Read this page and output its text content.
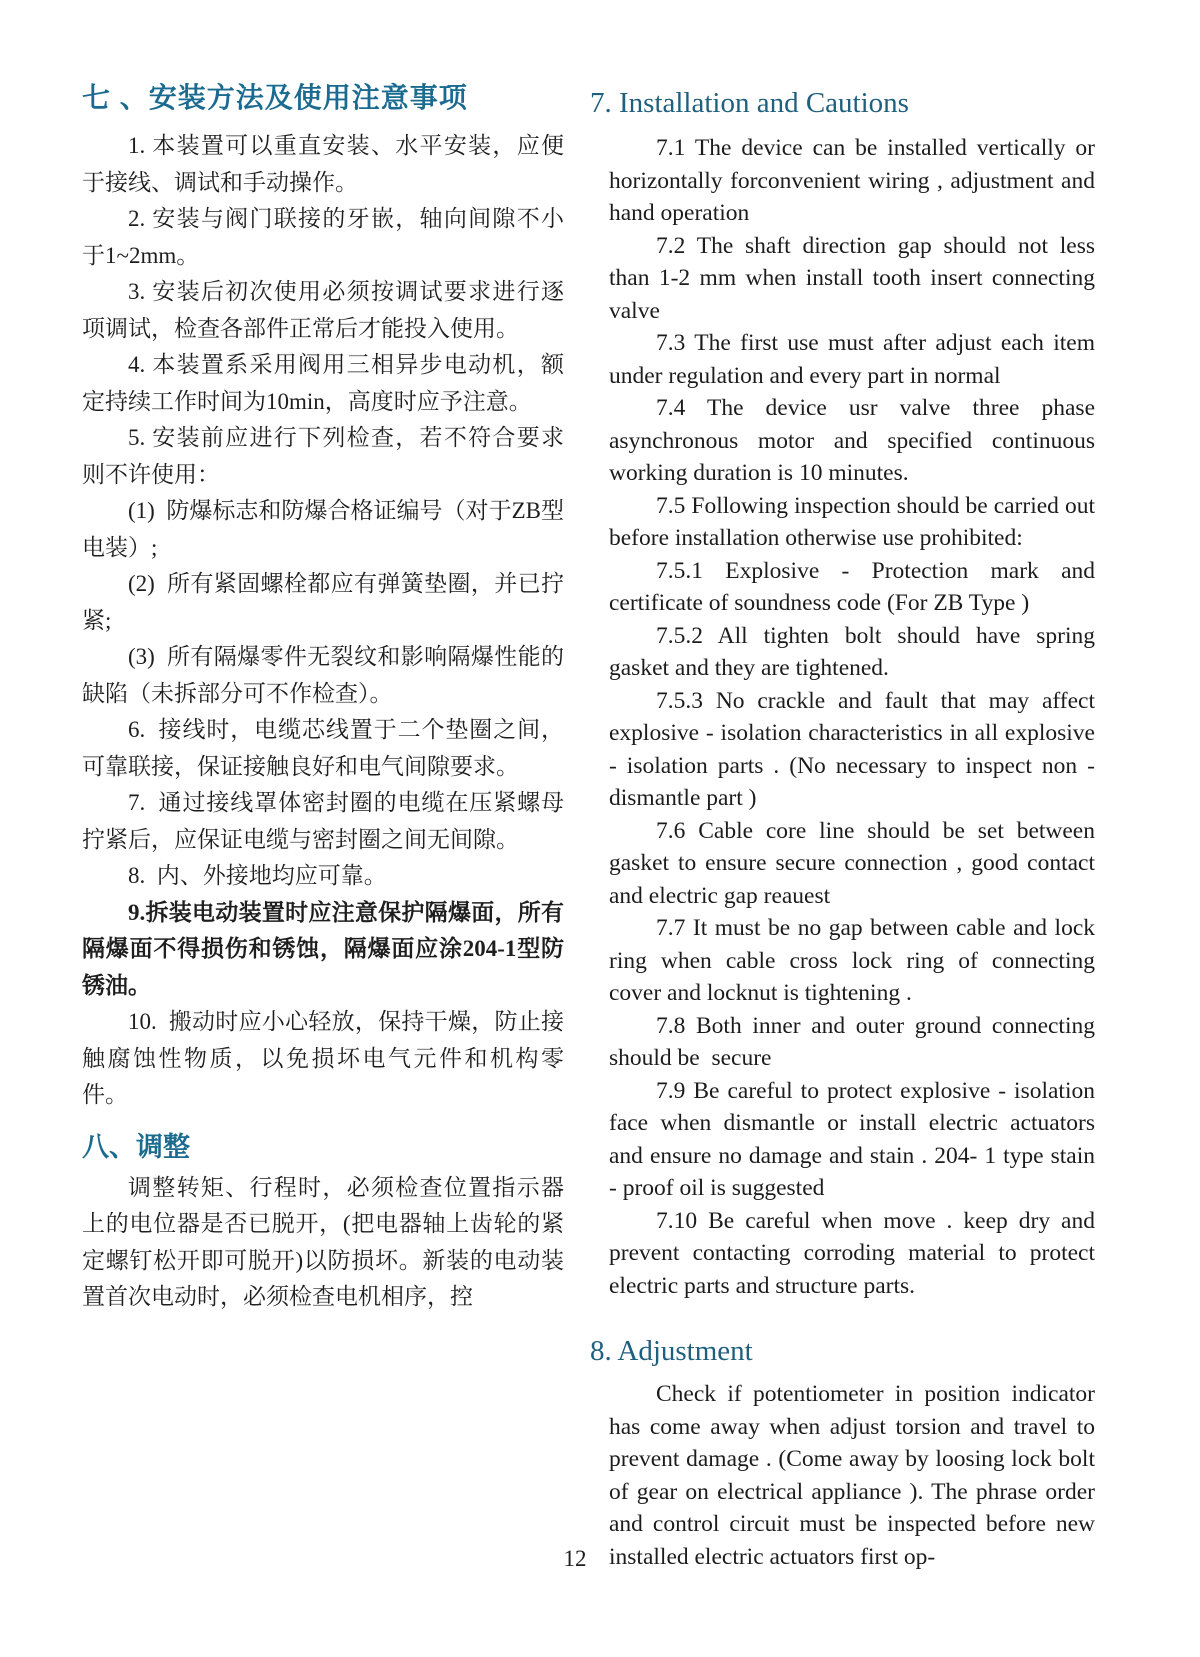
七 、安装方法及使用注意事项

1. 本装置可以重直安装、水平安装，应便于接线、调试和手动操作。

2. 安装与阀门联接的牙嵌，轴向间隙不小于1~2mm。

3. 安装后初次使用必须按调试要求进行逐项调试，检查各部件正常后才能投入使用。

4. 本装置系采用阀用三相异步电动机，额定持续工作时间为10min，高度时应予注意。

5. 安装前应进行下列检查，若不符合要求则不许使用：

(1)  防爆标志和防爆合格证编号（对于ZB型电装）;

(2)  所有紧固螺栓都应有弹簧垫圈，并已拧紧;

(3)  所有隔爆零件无裂纹和影响隔爆性能的缺陷（未拆部分可不作检查）。

6.  接线时，电缆芯线置于二个垫圈之间，可靠联接，保证接触良好和电气间隙要求。

7.  通过接线罩体密封圈的电缆在压紧螺母拧紧后，应保证电缆与密封圈之间无间隙。

8.  内、外接地均应可靠。

9.拆装电动装置时应注意保护隔爆面，所有隔爆面不得损伤和锈蚀，隔爆面应涂204-1型防锈油。

10.  搬动时应小心轻放，保持干燥，防止接触腐蚀性物质，以免损坏电气元件和机构零件。

八、调整

调整转矩、行程时，必须检查位置指示器上的电位器是否已脱开，(把电器轴上齿轮的紧定螺钉松开即可脱开)以防损坏。新装的电动装置首次电动时，必须检查电机相序，控

7. Installation and Cautions

7.1 The device can be installed vertically or horizontally forconvenient wiring , adjustment and hand operation

7.2 The shaft direction gap should not less than 1-2 mm when install tooth insert connecting valve

7.3 The first use must after adjust each item under regulation and every part in normal

7.4 The device usr valve three phase asynchronous motor and specified continuous working duration is 10 minutes.

7.5 Following inspection should be carried out before installation otherwise use prohibited:

7.5.1 Explosive - Protection mark and certificate of soundness code (For ZB Type )

7.5.2 All tighten bolt should have spring gasket and they are tightened.

7.5.3 No crackle and fault that may affect explosive - isolation characteristics in all explosive - isolation parts . (No necessary to inspect non - dismantle part )

7.6 Cable core line should be set between gasket to ensure secure connection , good contact and electric gap reauest

7.7 It must be no gap between cable and lock ring when cable cross lock ring of connecting cover and locknut is tightening .

7.8 Both inner and outer ground connecting should be  secure

7.9 Be careful to protect explosive - isolation face when dismantle or install electric actuators and ensure no damage and stain . 204- 1 type stain - proof oil is suggested

7.10 Be careful when move . keep dry and prevent contacting corroding material to protect electric parts and structure parts.

8. Adjustment

Check if potentiometer in position indicator has come away when adjust torsion and travel to prevent damage . (Come away by loosing lock bolt of gear on electrical appliance ). The phrase order and control circuit must be inspected before new installed electric actuators first op-

12
